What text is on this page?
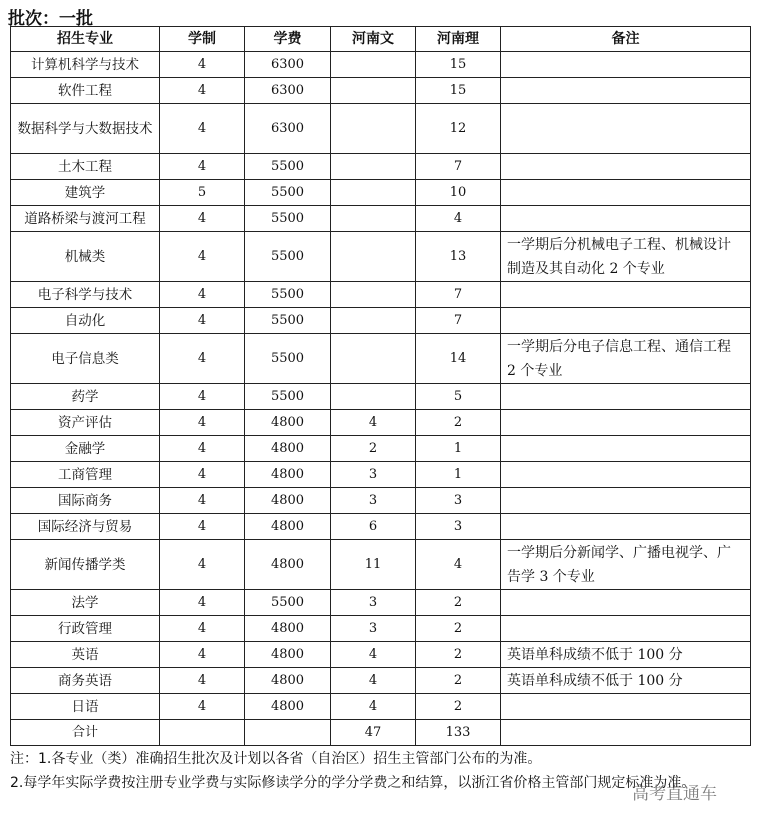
批次：一批
招生专业	学制	学费	河南文	河南理	备注
计算机科学与技术	4	6300		15	
软件工程	4	6300		15	
数据科学与大数据技术	4	6300		12	
土木工程	4	5500		7	
建筑学	5	5500		10	
道路桥梁与渡河工程	4	5500		4	
机械类	4	5500		13	一学期后分机械电子工程、机械设计制造及其自动化 2 个专业
电子科学与技术	4	5500		7	
自动化	4	5500		7	
电子信息类	4	5500		14	一学期后分电子信息工程、通信工程 2 个专业
药学	4	5500		5	
资产评估	4	4800	4	2	
金融学	4	4800	2	1	
工商管理	4	4800	3	1	
国际商务	4	4800	3	3	
国际经济与贸易	4	4800	6	3	
新闻传播学类	4	4800	11	4	一学期后分新闻学、广播电视学、广告学 3 个专业
法学	4	5500	3	2	
行政管理	4	4800	3	2	
英语	4	4800	4	2	英语单科成绩不低于 100 分
商务英语	4	4800	4	2	英语单科成绩不低于 100 分
日语	4	4800	4	2	
合计			47	133	

注：1.各专业（类）准确招生批次及计划以各省（自治区）招生主管部门公布的为准。

2.每学年实际学费按注册专业学费与实际修读学分的学分学费之和结算，以浙江省价格主管部门规定标准为准。

高考直通车
